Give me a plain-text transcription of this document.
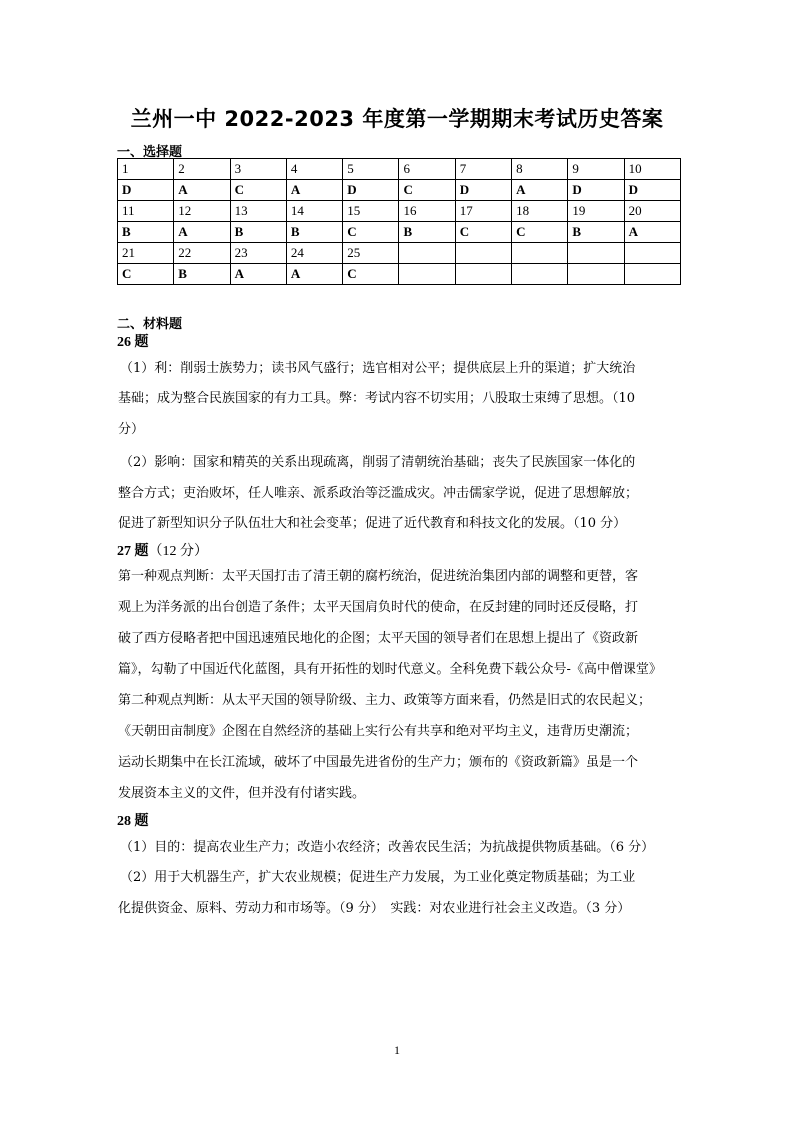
兰州一中 2022-2023 年度第一学期期末考试历史答案
一、选择题
1	2	3	4	5	6	7	8	9	10
D	A	C	A	D	C	D	A	D	D
11	12	13	14	15	16	17	18	19	20
B	A	B	B	C	B	C	C	B	A
21	22	23	24	25					
C	B	A	A	C					
二、材料题
26 题
（1）利：削弱士族势力；读书风气盛行；选官相对公平；提供底层上升的渠道；扩大统治
基础；成为整合民族国家的有力工具。弊：考试内容不切实用；八股取士束缚了思想。（10
分）
（2）影响：国家和精英的关系出现疏离，削弱了清朝统治基础；丧失了民族国家一体化的
整合方式；吏治败坏，任人唯亲、派系政治等泛滥成灾。冲击儒家学说，促进了思想解放；
促进了新型知识分子队伍壮大和社会变革；促进了近代教育和科技文化的发展。（10 分）
27 题（12 分）
第一种观点判断：太平天国打击了清王朝的腐朽统治，促进统治集团内部的调整和更替，客
观上为洋务派的出台创造了条件；太平天国肩负时代的使命，在反封建的同时还反侵略，打
破了西方侵略者把中国迅速殖民地化的企图；太平天国的领导者们在思想上提出了《资政新
篇》，勾勒了中国近代化蓝图，具有开拓性的划时代意义。全科免费下载公众号-《高中僧课堂》
第二种观点判断：从太平天国的领导阶级、主力、政策等方面来看，仍然是旧式的农民起义；
《天朝田亩制度》企图在自然经济的基础上实行公有共享和绝对平均主义，违背历史潮流；
运动长期集中在长江流域，破坏了中国最先进省份的生产力；颁布的《资政新篇》虽是一个
发展资本主义的文件，但并没有付诸实践。
28 题
（1）目的：提高农业生产力；改造小农经济；改善农民生活；为抗战提供物质基础。（6 分）
（2）用于大机器生产，扩大农业规模；促进生产力发展，为工业化奠定物质基础；为工业
化提供资金、原料、劳动力和市场等。（9 分）　实践：对农业进行社会主义改造。（3 分）
1
